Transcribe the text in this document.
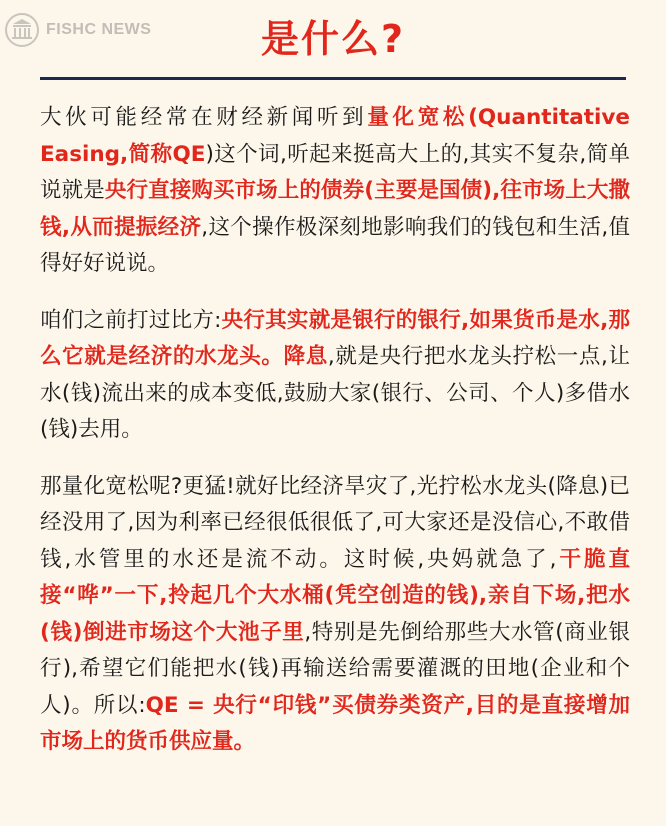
FISHC NEWS	是什么?

大伙可能经常在财经新闻听到量化宽松(Quantitative Easing,简称QE)这个词,听起来挺高大上的,其实不复杂,简单说就是央行直接购买市场上的债券(主要是国债),往市场上大撒钱,从而提振经济,这个操作极深刻地影响我们的钱包和生活,值得好好说说。

咱们之前打过比方:央行其实就是银行的银行,如果货币是水,那么它就是经济的水龙头。降息,就是央行把水龙头拧松一点,让水(钱)流出来的成本变低,鼓励大家(银行、公司、个人)多借水(钱)去用。

那量化宽松呢?更猛!就好比经济旱灾了,光拧松水龙头(降息)已经没用了,因为利率已经很低很低了,可大家还是没信心,不敢借钱,水管里的水还是流不动。这时候,央妈就急了,干脆直接“哗”一下,拎起几个大水桶(凭空创造的钱),亲自下场,把水(钱)倒进市场这个大池子里,特别是先倒给那些大水管(商业银行),希望它们能把水(钱)再输送给需要灌溉的田地(企业和个人)。所以:QE = 央行“印钱”买债券类资产,目的是直接增加市场上的货币供应量。
